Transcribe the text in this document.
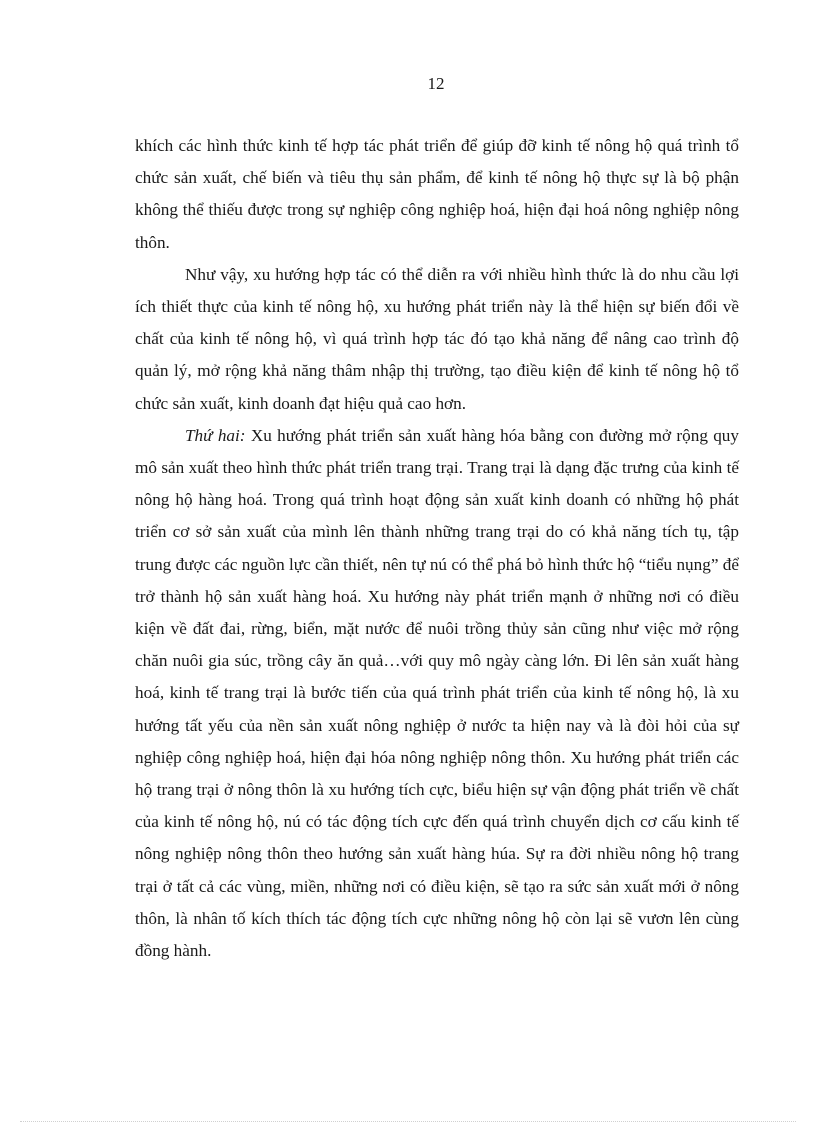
12

khích các hình thức kinh tế hợp tác phát triển để giúp đỡ kinh tế nông hộ quá trình tổ chức sản xuất, chế biến và tiêu thụ sản phẩm, để kinh tế nông hộ thực sự là bộ phận không thể thiếu được trong sự nghiệp công nghiệp hoá, hiện đại hoá nông nghiệp nông thôn.

Như vậy, xu hướng hợp tác có thể diễn ra với nhiều hình thức là do nhu cầu lợi ích thiết thực của kinh tế nông hộ, xu hướng phát triển này là thể hiện sự biến đổi về chất của kinh tế nông hộ, vì quá trình hợp tác đó tạo khả năng để nâng cao trình độ quản lý, mở rộng khả năng thâm nhập thị trường, tạo điều kiện để kinh tế nông hộ tổ chức sản xuất, kinh doanh đạt hiệu quả cao hơn.

Thứ hai: Xu hướng phát triển sản xuất hàng hóa bằng con đường mở rộng quy mô sản xuất theo hình thức phát triển trang trại. Trang trại là dạng đặc trưng của kinh tế nông hộ hàng hoá. Trong quá trình hoạt động sản xuất kinh doanh có những hộ phát triển cơ sở sản xuất của mình lên thành những trang trại do có khả năng tích tụ, tập trung được các nguồn lực cần thiết, nên tự nú có thể phá bỏ hình thức hộ “tiểu nụng” để trở thành hộ sản xuất hàng hoá. Xu hướng này phát triển mạnh ở những nơi có điều kiện về đất đai, rừng, biển, mặt nước để nuôi trồng thủy sản cũng như việc mở rộng chăn nuôi gia súc, trồng cây ăn quả…với quy mô ngày càng lớn. Đi lên sản xuất hàng hoá, kinh tế trang trại là bước tiến của quá trình phát triển của kinh tế nông hộ, là xu hướng tất yếu của nền sản xuất nông nghiệp ở nước ta hiện nay và là đòi hỏi của sự nghiệp công nghiệp hoá, hiện đại hóa nông nghiệp nông thôn. Xu hướng phát triển các hộ trang trại ở nông thôn là xu hướng tích cực, biểu hiện sự vận động phát triển về chất của kinh tế nông hộ, nú có tác động tích cực đến quá trình chuyển dịch cơ cấu kinh tế nông nghiệp nông thôn theo hướng sản xuất hàng húa. Sự ra đời nhiều nông hộ trang trại ở tất cả các vùng, miền, những nơi có điều kiện, sẽ tạo ra sức sản xuất mới ở nông thôn, là nhân tố kích thích tác động tích cực những nông hộ còn lại sẽ vươn lên cùng đồng hành.
